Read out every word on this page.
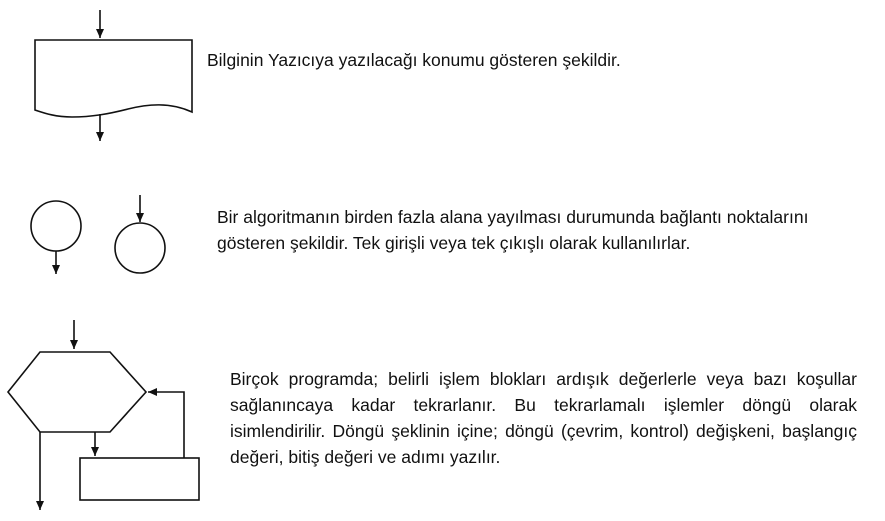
Bilginin Yazıcıya yazılacağı konumu gösteren şekildir.

Bir algoritmanın birden fazla alana yayılması durumunda bağlantı noktalarını gösteren şekildir. Tek girişli veya tek çıkışlı olarak kullanılırlar.

Birçok programda; belirli işlem blokları ardışık değerlerle veya bazı koşullar sağlanıncaya kadar tekrarlanır. Bu tekrarlamalı işlemler döngü olarak isimlendirilir. Döngü şeklinin içine; döngü (çevrim, kontrol) değişkeni, başlangıç değeri, bitiş değeri ve adımı yazılır.
